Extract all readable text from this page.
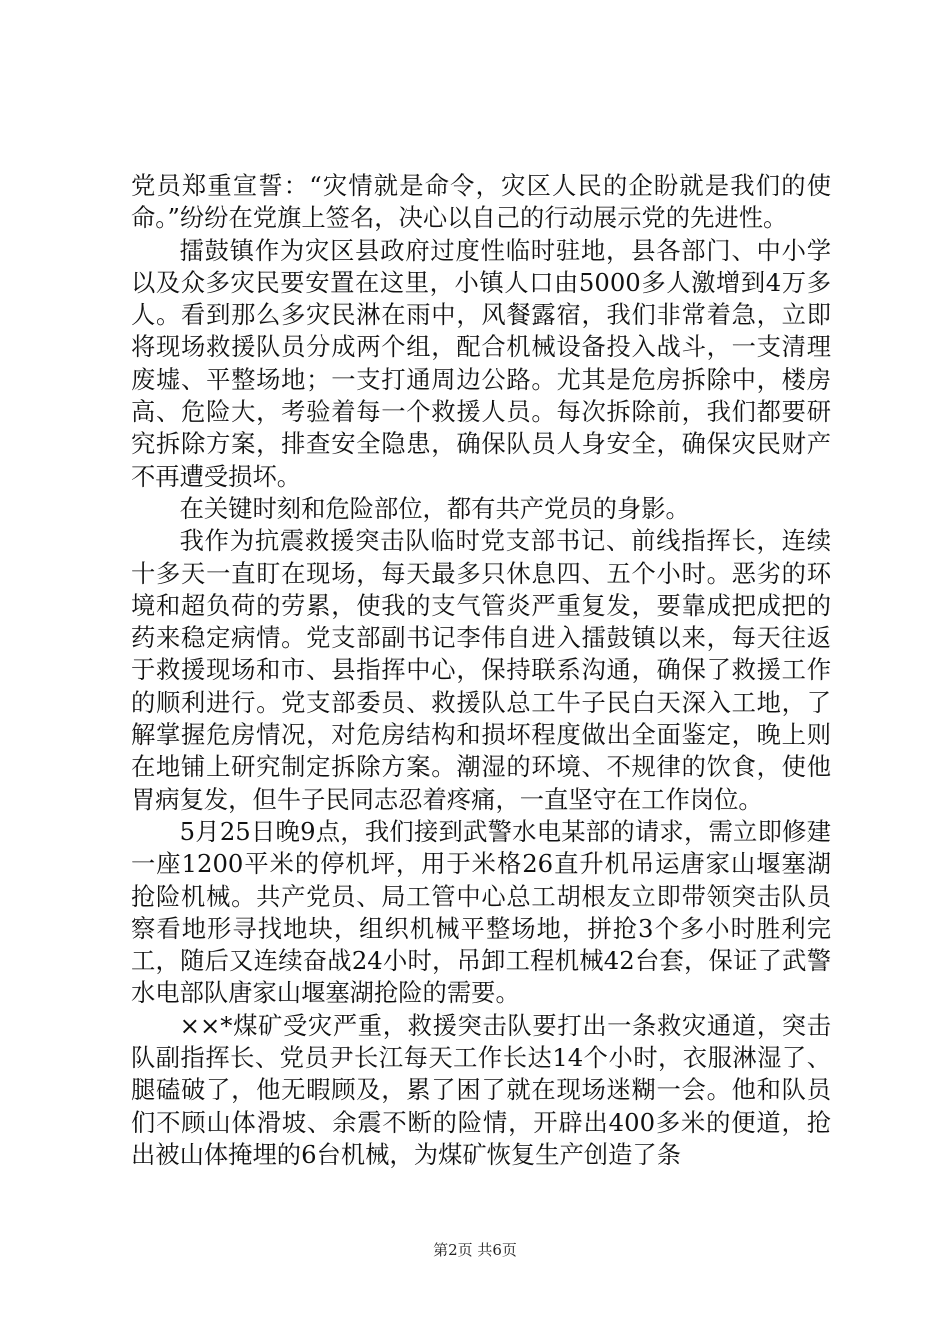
党员郑重宣誓：“灾情就是命令，灾区人民的企盼就是我们的使命。”纷纷在党旗上签名，决心以自己的行动展示党的先进性。

擂鼓镇作为灾区县政府过度性临时驻地，县各部门、中小学以及众多灾民要安置在这里，小镇人口由5000多人激增到4万多人。看到那么多灾民淋在雨中，风餐露宿，我们非常着急，立即将现场救援队员分成两个组，配合机械设备投入战斗，一支清理废墟、平整场地；一支打通周边公路。尤其是危房拆除中，楼房高、危险大，考验着每一个救援人员。每次拆除前，我们都要研究拆除方案，排查安全隐患，确保队员人身安全，确保灾民财产不再遭受损坏。

在关键时刻和危险部位，都有共产党员的身影。

我作为抗震救援突击队临时党支部书记、前线指挥长，连续十多天一直盯在现场，每天最多只休息四、五个小时。恶劣的环境和超负荷的劳累，使我的支气管炎严重复发，要靠成把成把的药来稳定病情。党支部副书记李伟自进入擂鼓镇以来，每天往返于救援现场和市、县指挥中心，保持联系沟通，确保了救援工作的顺利进行。党支部委员、救援队总工牛子民白天深入工地，了解掌握危房情况，对危房结构和损坏程度做出全面鉴定，晚上则在地铺上研究制定拆除方案。潮湿的环境、不规律的饮食，使他胃病复发，但牛子民同志忍着疼痛，一直坚守在工作岗位。

5月25日晚9点，我们接到武警水电某部的请求，需立即修建一座1200平米的停机坪，用于米格26直升机吊运唐家山堰塞湖抢险机械。共产党员、局工管中心总工胡根友立即带领突击队员察看地形寻找地块，组织机械平整场地，拼抢3个多小时胜利完工，随后又连续奋战24小时，吊卸工程机械42台套，保证了武警水电部队唐家山堰塞湖抢险的需要。

××*煤矿受灾严重，救援突击队要打出一条救灾通道，突击队副指挥长、党员尹长江每天工作长达14个小时，衣服淋湿了、腿磕破了，他无暇顾及，累了困了就在现场迷糊一会。他和队员们不顾山体滑坡、余震不断的险情，开辟出400多米的便道，抢出被山体掩埋的6台机械，为煤矿恢复生产创造了条

第2页 共6页
